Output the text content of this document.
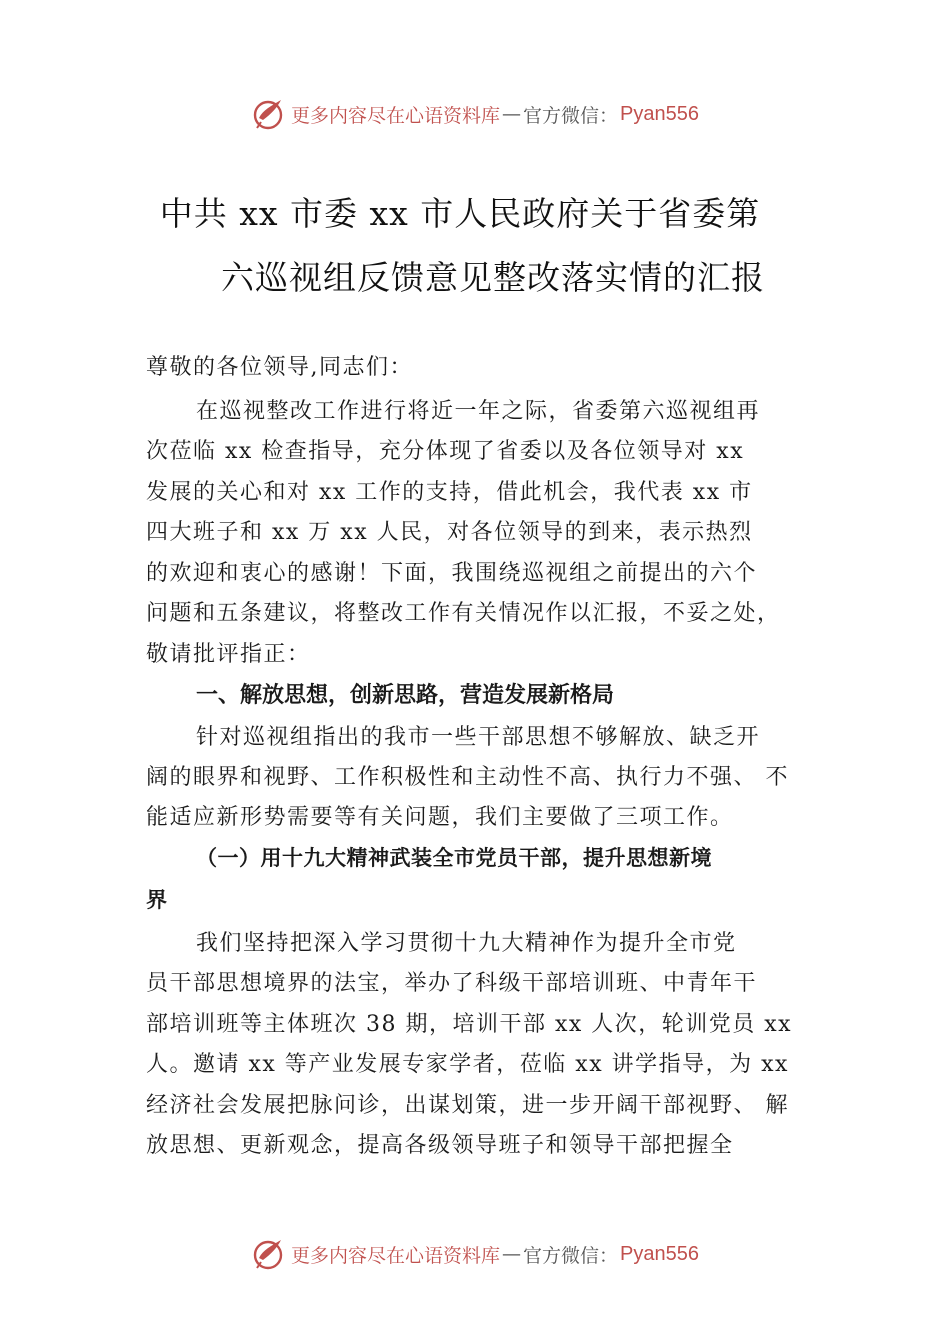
更多内容尽在心语资料库 — 官方微信： Pyan556
中共 xx 市委 xx 市人民政府关于省委第
六巡视组反馈意见整改落实情的汇报
尊敬的各位领导,同志们：
在巡视整改工作进行将近一年之际，省委第六巡视组再
次莅临 xx 检查指导，充分体现了省委以及各位领导对 xx
发展的关心和对 xx 工作的支持，借此机会，我代表 xx 市
四大班子和 xx 万 xx 人民，对各位领导的到来，表示热烈
的欢迎和衷心的感谢！下面，我围绕巡视组之前提出的六个
问题和五条建议，将整改工作有关情况作以汇报，不妥之处，
敬请批评指正：
一、解放思想，创新思路，营造发展新格局
针对巡视组指出的我市一些干部思想不够解放、缺乏开
阔的眼界和视野、工作积极性和主动性不高、执行力不强、 不
能适应新形势需要等有关问题，我们主要做了三项工作。
（一）用十九大精神武装全市党员干部，提升思想新境
界
我们坚持把深入学习贯彻十九大精神作为提升全市党
员干部思想境界的法宝，举办了科级干部培训班、中青年干
部培训班等主体班次 38 期，培训干部 xx 人次，轮训党员 xx
人。邀请 xx 等产业发展专家学者，莅临 xx 讲学指导，为 xx
经济社会发展把脉问诊，出谋划策，进一步开阔干部视野、 解
放思想、更新观念，提高各级领导班子和领导干部把握全
更多内容尽在心语资料库 — 官方微信： Pyan556
